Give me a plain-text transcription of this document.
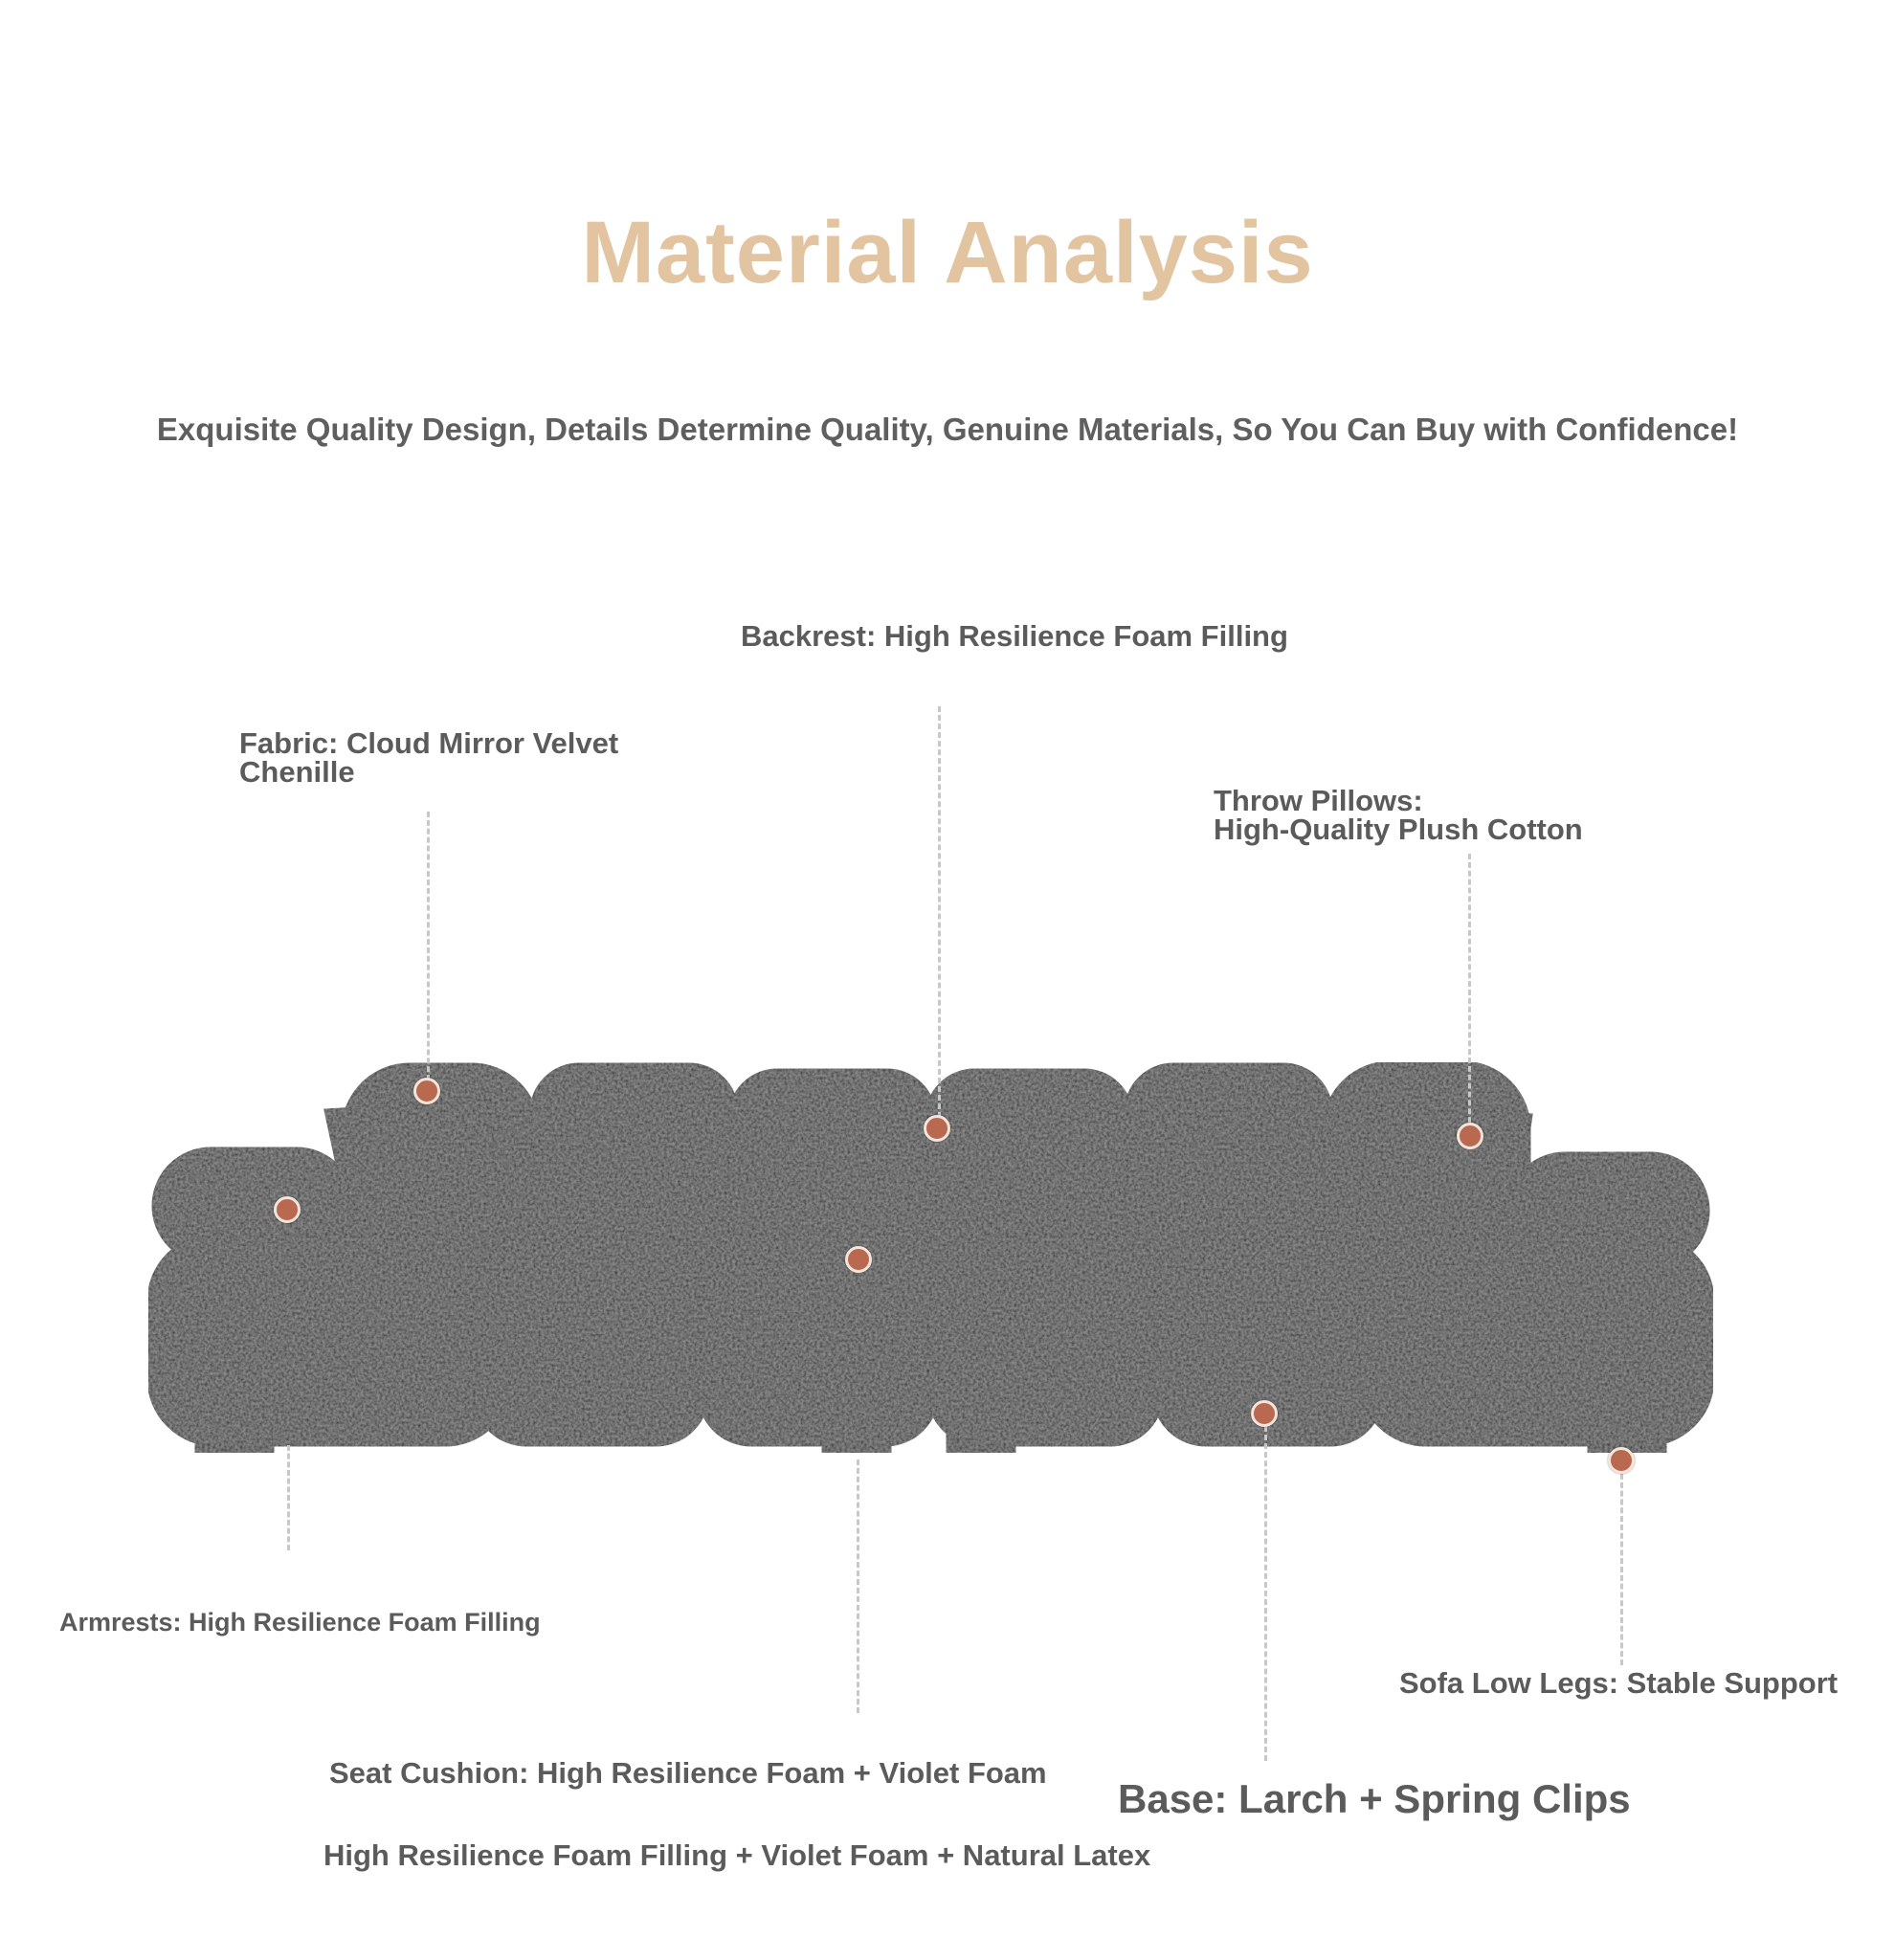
Material Analysis
Exquisite Quality Design, Details Determine Quality, Genuine Materials, So You Can Buy with Confidence!
Backrest: High Resilience Foam Filling
Fabric: Cloud Mirror Velvet
Chenille
Throw Pillows:
High-Quality Plush Cotton
Armrests: High Resilience Foam Filling
Sofa Low Legs: Stable Support
Seat Cushion: High Resilience Foam + Violet Foam
Base: Larch + Spring Clips
High Resilience Foam Filling + Violet Foam + Natural Latex
